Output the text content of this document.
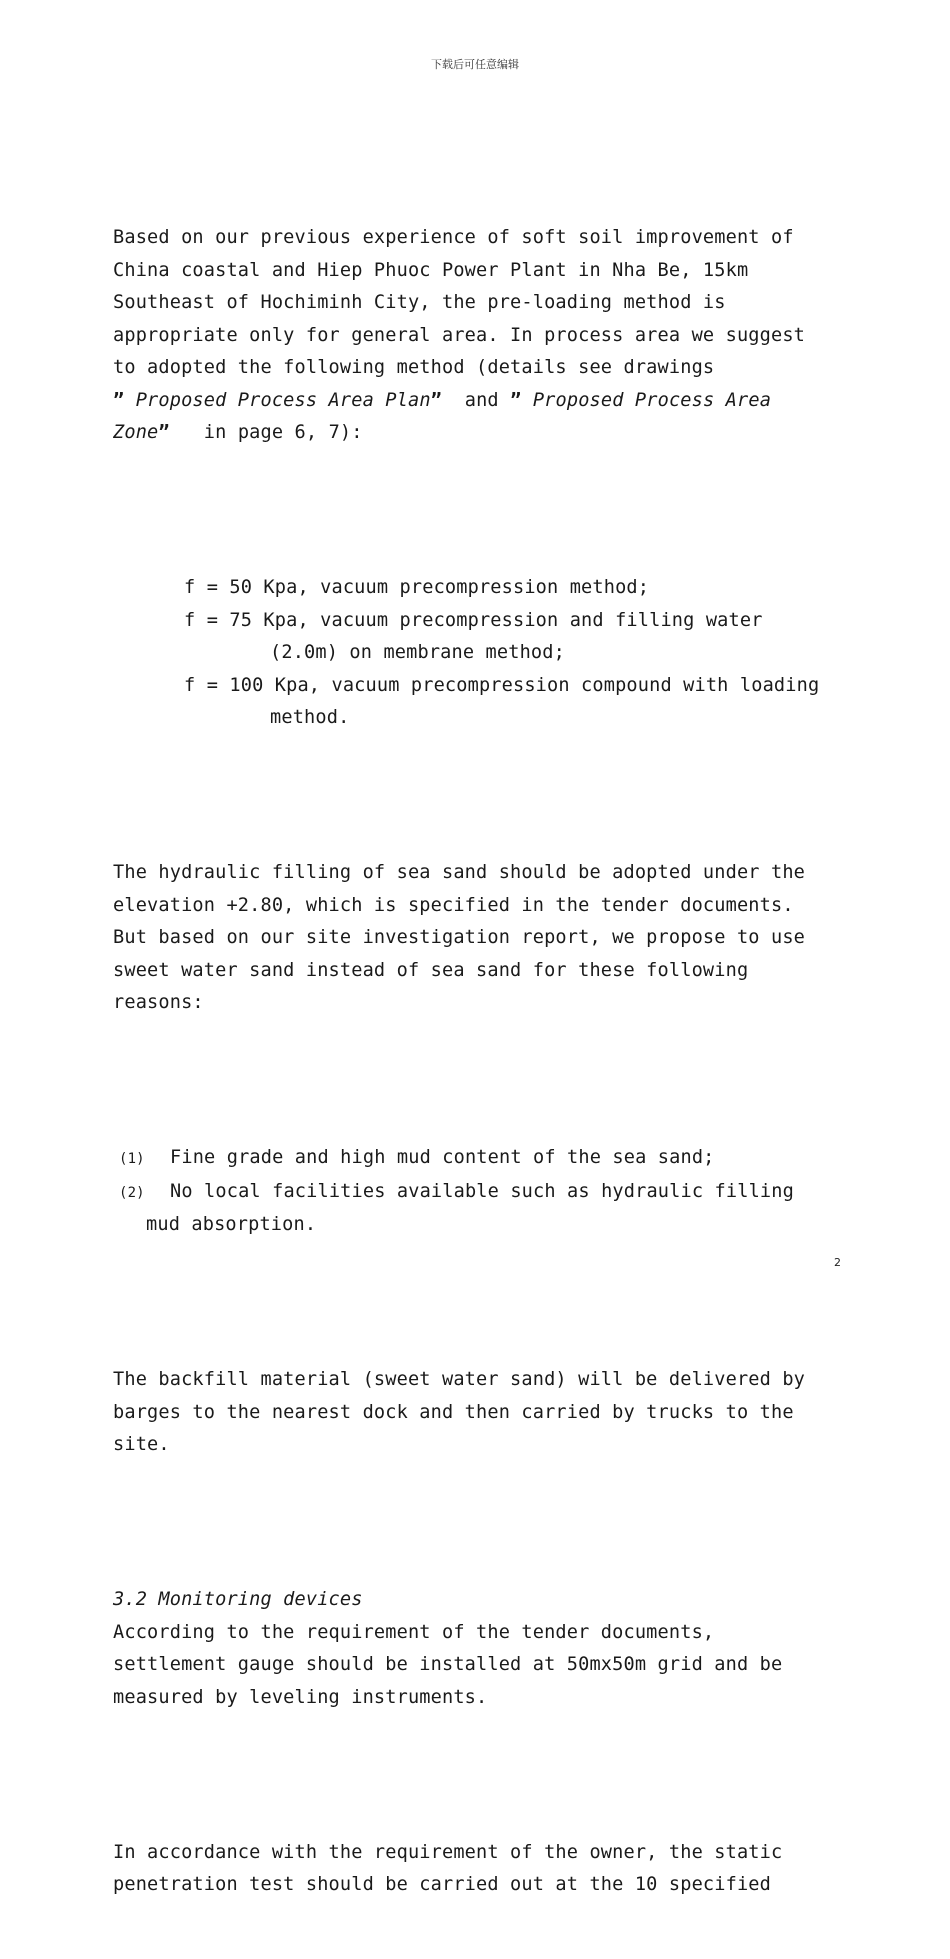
下载后可任意编辑

Based on our previous experience of soft soil improvement of
China coastal and Hiep Phuoc Power Plant in Nha Be, 15km
Southeast of Hochiminh City, the pre-loading method is
appropriate only for general area. In process area we suggest
to adopted the following method (details see drawings
” Proposed Process Area Plan”  and ” Proposed Process Area
Zone”   in page 6, 7):

f = 50 Kpa, vacuum precompression method;
f = 75 Kpa, vacuum precompression and filling water
(2.0m) on membrane method;
f = 100 Kpa, vacuum precompression compound with loading
method.

The hydraulic filling of sea sand should be adopted under the
elevation +2.80, which is specified in the tender documents.
But based on our site investigation report, we propose to use
sweet water sand instead of sea sand for these following
reasons:

(1) Fine grade and high mud content of the sea sand;
(2) No local facilities available such as hydraulic filling
mud absorption.

The backfill material (sweet water sand) will be delivered by
barges to the nearest dock and then carried by trucks to the
site.

3.2 Monitoring devices
According to the requirement of the tender documents,
settlement gauge should be installed at 50mx50m grid and be
measured by leveling instruments.

In accordance with the requirement of the owner, the static
penetration test should be carried out at the 10 specified

2
